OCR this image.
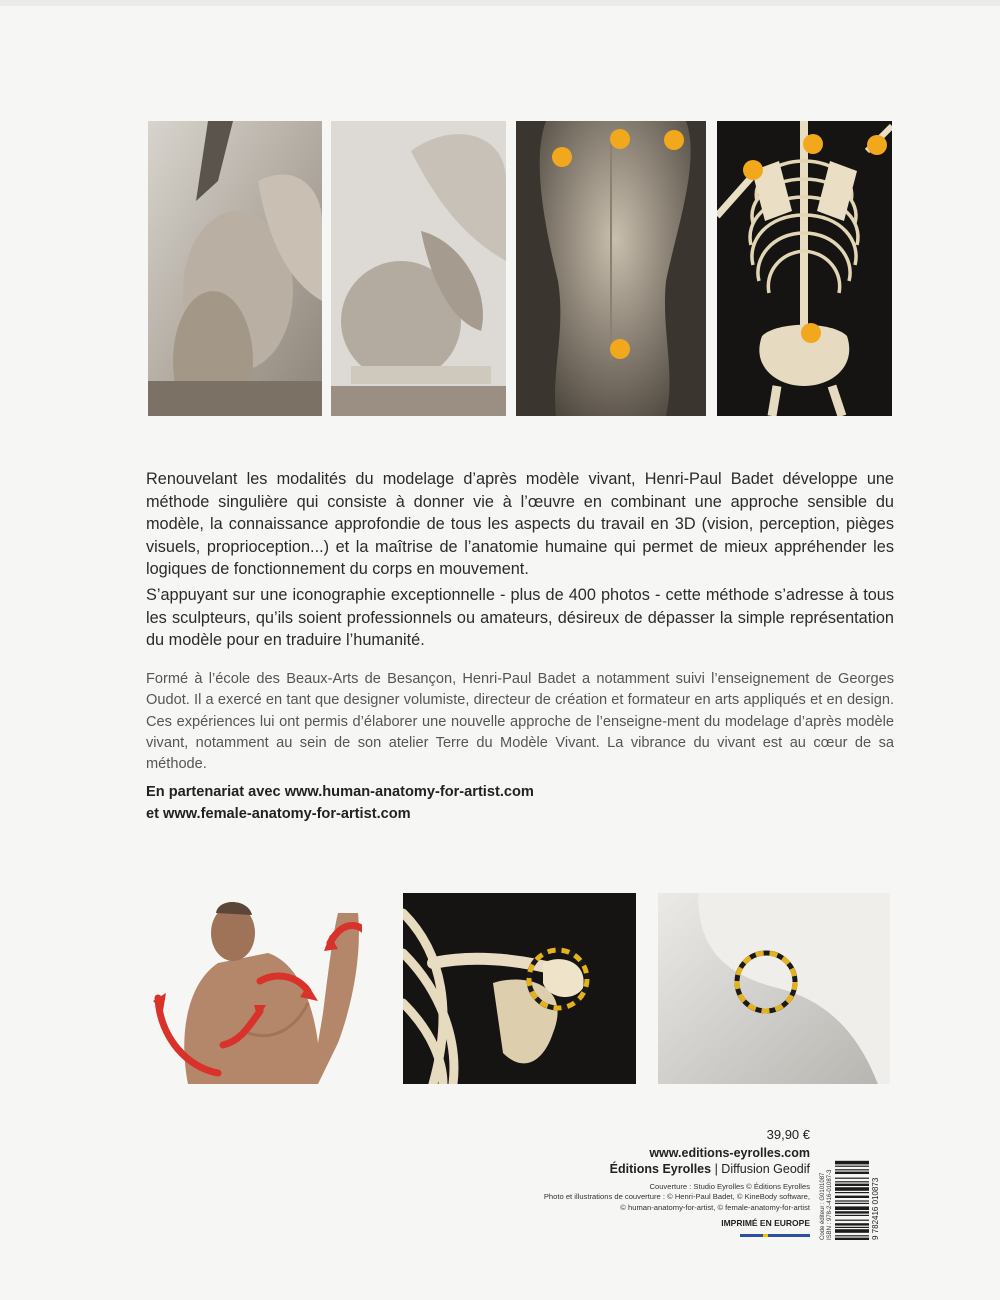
Renouvelant les modalités du modelage d’après modèle vivant, Henri-Paul Badet développe une méthode singulière qui consiste à donner vie à l’œuvre en combinant une approche sensible du modèle, la connaissance approfondie de tous les aspects du travail en 3D (vision, perception, pièges visuels, proprioception...) et la maîtrise de l’anatomie humaine qui permet de mieux appréhender les logiques de fonctionnement du corps en mouvement.

S’appuyant sur une iconographie exceptionnelle - plus de 400 photos - cette méthode s’adresse à tous les sculpteurs, qu’ils soient professionnels ou amateurs, désireux de dépasser la simple représentation du modèle pour en traduire l’humanité.

Formé à l’école des Beaux-Arts de Besançon, Henri-Paul Badet a notamment suivi l’enseignement de Georges Oudot. Il a exercé en tant que designer volumiste, directeur de création et formateur en arts appliqués et en design. Ces expériences lui ont permis d’élaborer une nouvelle approche de l’enseigne-ment du modelage d’après modèle vivant, notamment au sein de son atelier Terre du Modèle Vivant. La vibrance du vivant est au cœur de sa méthode.

En partenariat avec www.human-anatomy-for-artist.com
et www.female-anatomy-for-artist.com
39,90 €
www.editions-eyrolles.com
Éditions Eyrolles | Diffusion Geodif
Couverture : Studio Eyrolles © Éditions Eyrolles
Photo et illustrations de couverture : © Henri-Paul Badet, © KineBody software,
© human-anatomy-for-artist, © female-anatomy-for-artist
IMPRIMÉ EN EUROPE Code éditeur : G0101087 ISBN : 978-2-416-01087-3	9 782416 010873
